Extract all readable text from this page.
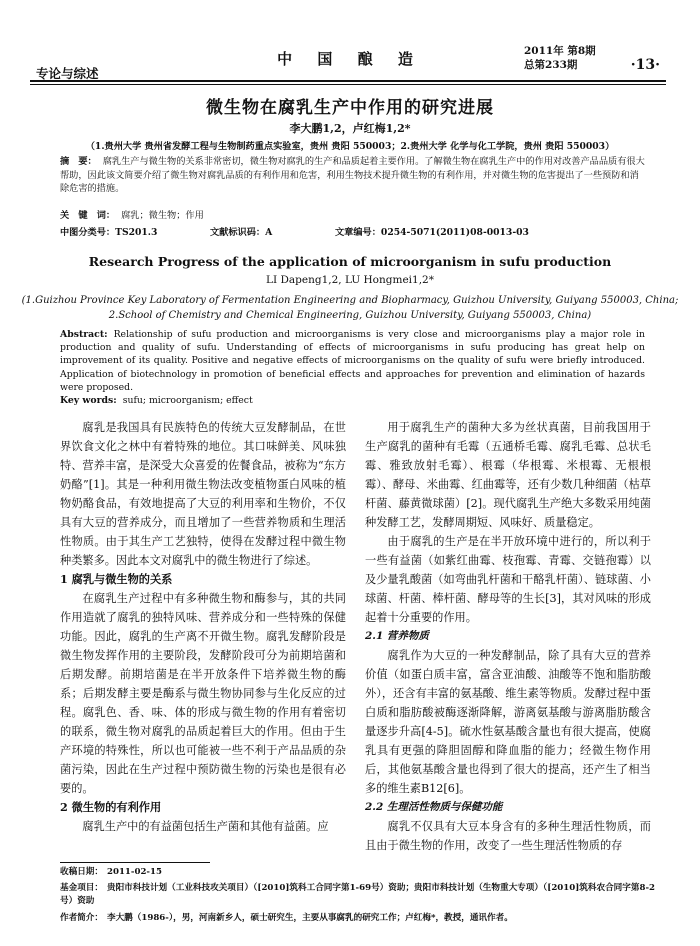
专论与综述
中 国 酿 造	2011年 第8期
总第233期	·13·
微生物在腐乳生产中作用的研究进展
李大鹏1,2，卢红梅1,2*
（1.贵州大学 贵州省发酵工程与生物制药重点实验室，贵州 贵阳 550003；2.贵州大学 化学与化工学院，贵州 贵阳 550003）
摘　要： 腐乳生产与微生物的关系非常密切，微生物对腐乳的生产和品质起着主要作用。了解微生物在腐乳生产中的作用对改善产品品质有很大帮助，因此该文简要介绍了微生物对腐乳品质的有利作用和危害，利用生物技术提升微生物的有利作用，并对微生物的危害提出了一些预防和消除危害的措施。
关　键　词： 腐乳；微生物；作用
中图分类号：TS201.3	文献标识码：A	文章编号：0254-5071(2011)08-0013-03
Research Progress of the application of microorganism in sufu production
LI Dapeng1,2, LU Hongmei1,2*
(1.Guizhou Province Key Laboratory of Fermentation Engineering and Biopharmacy, Guizhou University, Guiyang 550003, China;
2.School of Chemistry and Chemical Engineering, Guizhou University, Guiyang 550003, China)
Abstract: Relationship of sufu production and microorganisms is very close and microorganisms play a major role in production and quality of sufu. Understanding of effects of microorganisms in sufu producing has great help on improvement of its quality. Positive and negative effects of microorganisms on the quality of sufu were briefly introduced. Application of biotechnology in promotion of beneficial effects and approaches for prevention and elimination of hazards were proposed.
Key words: sufu; microorganism; effect

腐乳是我国具有民族特色的传统大豆发酵制品，在世界饮食文化之林中有着特殊的地位。其口味鲜美、风味独特、营养丰富，是深受大众喜爱的佐餐食品，被称为“东方奶酪”[1]。其是一种利用微生物法改变植物蛋白风味的植物奶酪食品，有效地提高了大豆的利用率和生物价，不仅具有大豆的营养成分，而且增加了一些营养物质和生理活性物质。由于其生产工艺独特，使得在发酵过程中微生物种类繁多。因此本文对腐乳中的微生物进行了综述。

1 腐乳与微生物的关系

在腐乳生产过程中有多种微生物和酶参与，其的共同作用造就了腐乳的独特风味、营养成分和一些特殊的保健功能。因此，腐乳的生产离不开微生物。腐乳发酵阶段是微生物发挥作用的主要阶段，发酵阶段可分为前期培菌和后期发酵。前期培菌是在半开放条件下培养微生物的酶系；后期发酵主要是酶系与微生物协同参与生化反应的过程。腐乳色、香、味、体的形成与微生物的作用有着密切的联系，微生物对腐乳的品质起着巨大的作用。但由于生产环境的特殊性，所以也可能被一些不利于产品品质的杂菌污染，因此在生产过程中预防微生物的污染也是很有必要的。

2 微生物的有利作用

腐乳生产中的有益菌包括生产菌和其他有益菌。应

用于腐乳生产的菌种大多为丝状真菌，目前我国用于生产腐乳的菌种有毛霉（五通桥毛霉、腐乳毛霉、总状毛霉、雅致放射毛霉）、根霉（华根霉、米根霉、无根根霉）、酵母、米曲霉、红曲霉等，还有少数几种细菌（枯草杆菌、藤黄微球菌）[2]。现代腐乳生产绝大多数采用纯菌种发酵工艺，发酵周期短、风味好、质量稳定。

由于腐乳的生产是在半开放环境中进行的，所以利于一些有益菌（如紫红曲霉、枝孢霉、青霉、交链孢霉）以及少量乳酸菌（如弯曲乳杆菌和干酪乳杆菌）、链球菌、小球菌、杆菌、棒杆菌、酵母等的生长[3]，其对风味的形成起着十分重要的作用。

2.1 营养物质

腐乳作为大豆的一种发酵制品，除了具有大豆的营养价值（如蛋白质丰富，富含亚油酸、油酸等不饱和脂肪酸外），还含有丰富的氨基酸、维生素等物质。发酵过程中蛋白质和脂肪酸被酶逐渐降解，游离氨基酸与游离脂肪酸含量逐步升高[4-5]。硫水性氨基酸含量也有很大提高，使腐乳具有更强的降胆固醇和降血脂的能力；经微生物作用后，其他氨基酸含量也得到了很大的提高，还产生了相当多的维生素B12[6]。

2.2 生理活性物质与保健功能

腐乳不仅具有大豆本身含有的多种生理活性物质，而且由于微生物的作用，改变了一些生理活性物质的存

收稿日期： 2011-02-15
基金项目： 贵阳市科技计划（工业科技攻关项目）（[2010]筑科工合同字第1-69号）资助；贵阳市科技计划（生物重大专项）（[2010]筑科农合同字第8-2号）资助
作者简介： 李大鹏（1986-），男，河南新乡人，硕士研究生，主要从事腐乳的研究工作；卢红梅*，教授，通讯作者。
